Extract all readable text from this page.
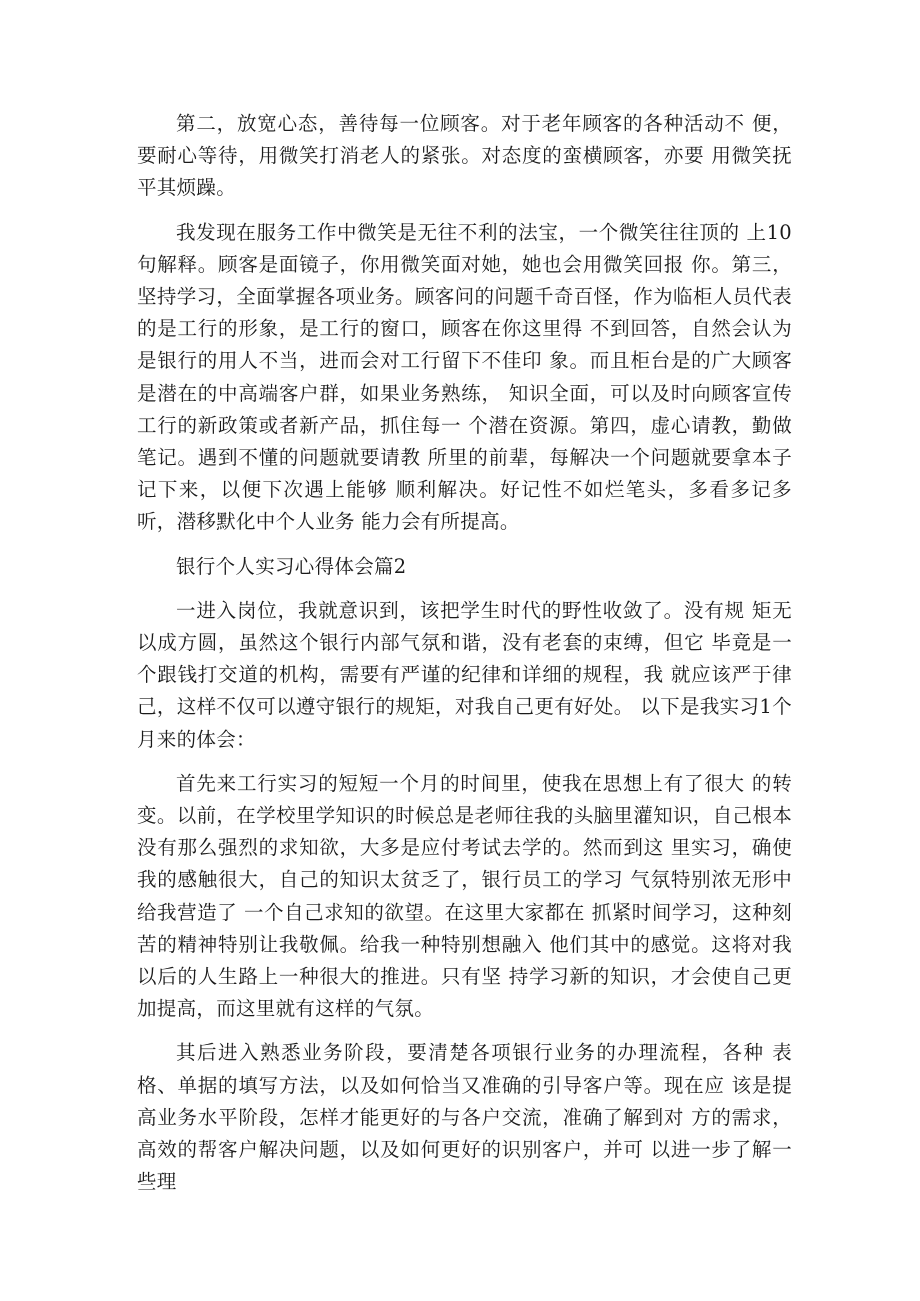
第二，放宽心态，善待每一位顾客。对于老年顾客的各种活动不 便，要耐心等待，用微笑打消老人的紧张。对态度的蛮横顾客，亦要 用微笑抚平其烦躁。

我发现在服务工作中微笑是无往不利的法宝，一个微笑往往顶的 上10句解释。顾客是面镜子，你用微笑面对她，她也会用微笑回报 你。第三，坚持学习，全面掌握各项业务。顾客问的问题千奇百怪，作为临柜人员代表的是工行的形象，是工行的窗口，顾客在你这里得 不到回答，自然会认为是银行的用人不当，进而会对工行留下不佳印 象。而且柜台是的广大顾客是潜在的中高端客户群，如果业务熟练， 知识全面，可以及时向顾客宣传工行的新政策或者新产品，抓住每一 个潜在资源。第四，虚心请教，勤做笔记。遇到不懂的问题就要请教 所里的前辈，每解决一个问题就要拿本子记下来，以便下次遇上能够 顺利解决。好记性不如烂笔头，多看多记多听，潜移默化中个人业务 能力会有所提高。

银行个人实习心得体会篇2

一进入岗位，我就意识到，该把学生时代的野性收敛了。没有规 矩无以成方圆，虽然这个银行内部气氛和谐，没有老套的束缚，但它 毕竟是一个跟钱打交道的机构，需要有严谨的纪律和详细的规程，我 就应该严于律己，这样不仅可以遵守银行的规矩，对我自己更有好处。 以下是我实习1个月来的体会：

首先来工行实习的短短一个月的时间里，使我在思想上有了很大 的转变。以前，在学校里学知识的时候总是老师往我的头脑里灌知识，自己根本没有那么强烈的求知欲，大多是应付考试去学的。然而到这 里实习，确使我的感触很大，自己的知识太贫乏了，银行员工的学习 气氛特别浓无形中给我营造了 一个自己求知的欲望。在这里大家都在 抓紧时间学习，这种刻苦的精神特别让我敬佩。给我一种特别想融入 他们其中的感觉。这将对我以后的人生路上一种很大的推进。只有坚 持学习新的知识，才会使自己更加提高，而这里就有这样的气氛。

其后进入熟悉业务阶段，要清楚各项银行业务的办理流程，各种 表格、单据的填写方法，以及如何恰当又准确的引导客户等。现在应 该是提高业务水平阶段，怎样才能更好的与各户交流，准确了解到对 方的需求，高效的帮客户解决问题，以及如何更好的识别客户，并可 以进一步了解一些理
